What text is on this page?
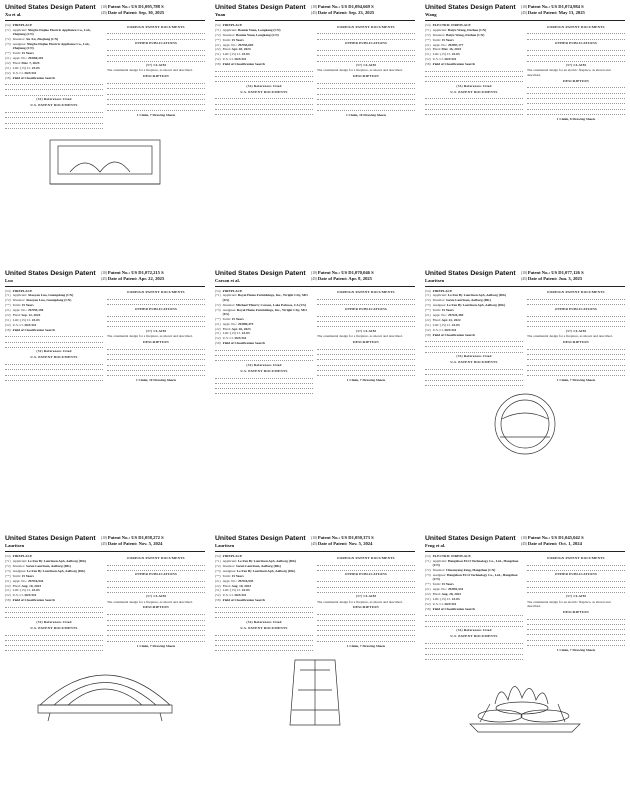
United States Design Patent
Xu et al.
(10) Patent No.: US D1,095,788 S
(45) Date of Patent: Sep. 30, 2025
(54) FIREPLACE
(71) Applicant: Ningbo Dujiao Electric Appliance Co., Ltd., Zhejiang (CN)
(72) Inventor: Xu Xu, Zhejiang (CN)
(73) Assignee: Ningbo Dujiao Electric Appliance Co., Ltd., Zhejiang (CN)
(**) Term: 15 Years
(21) Appl. No.: 29/660,201
(22) Filed: Mar. 7, 2025
(51) LOC (15) Cl. 23-03
(52) U.S. Cl. D23/341
(58) Field of Classification Search
(56) References Cited
U.S. PATENT DOCUMENTS
FOREIGN PATENT DOCUMENTS
OTHER PUBLICATIONS
(57) CLAIM
The ornamental design for a fireplace, as shown and described.
DESCRIPTION
1 Claim, 7 Drawing Sheets
United States Design Patent
Yuan
(10) Patent No.: US D1,094,669 S
(45) Date of Patent: Sep. 23, 2025
(54) FIREPLACE
(71) Applicant: Bonnie Yuan, Longkeng (CN)
(72) Inventor: Bonnie Yuan, Longkeng (CN)
(**) Term: 15 Years
(21) Appl. No.: 29/955,605
(22) Filed: Apr. 28, 2024
(51) LOC (15) Cl. 23-03
(52) U.S. Cl. D23/341
(58) Field of Classification Search
(56) References Cited
U.S. PATENT DOCUMENTS
FOREIGN PATENT DOCUMENTS
OTHER PUBLICATIONS
(57) CLAIM
The ornamental design for a fireplace, as shown and described.
DESCRIPTION
1 Claim, 10 Drawing Sheets
United States Design Patent
Wang
(10) Patent No.: US D1,074,984 S
(45) Date of Patent: May 13, 2025
(54) ELECTRIC FIREPLACE
(71) Applicant: Baiyu Wang, Fuzhou (CN)
(72) Inventor: Baiyu Wang, Fuzhou (CN)
(**) Term: 15 Years
(21) Appl. No.: 29/887,177
(22) Filed: Mar. 16, 2023
(51) LOC (15) Cl. 23-03
(52) U.S. Cl. D23/341
(58) Field of Classification Search
(56) References Cited
U.S. PATENT DOCUMENTS
FOREIGN PATENT DOCUMENTS
OTHER PUBLICATIONS
(57) CLAIM
The ornamental design for an electric fireplace, as shown and described.
DESCRIPTION
1 Claim, 8 Drawing Sheets
United States Design Patent
Luo
(10) Patent No.: US D1,072,215 S
(45) Date of Patent: Apr. 22, 2025
(54) FIREPLACE
(71) Applicant: Xiaoyan Luo, Guangdong (CN)
(72) Inventor: Xiaoyan Luo, Guangdong (CN)
(**) Term: 15 Years
(21) Appl. No.: 29/955,190
(22) Filed: Sep. 12, 2024
(51) LOC (15) Cl. 23-03
(52) U.S. Cl. D23/341
(58) Field of Classification Search
(56) References Cited
U.S. PATENT DOCUMENTS
FOREIGN PATENT DOCUMENTS
OTHER PUBLICATIONS
(57) CLAIM
The ornamental design for a fireplace, as shown and described.
DESCRIPTION
1 Claim, 10 Drawing Sheets
United States Design Patent
Carson et al.
(10) Patent No.: US D1,070,046 S
(45) Date of Patent: Apr. 8, 2025
(54) FIREPLACE
(71) Applicant: Royal Home Furnishings, Inc., Wright City, MO (US)
(72) Inventor: Michael Thierry Carson, Lake Palvosa, CA (US)
(73) Assignee: Royal Home Furnishings, Inc., Wright City, MO (US)
(**) Term: 15 Years
(21) Appl. No.: 29/889,475
(22) Filed: Apr. 26, 2023
(51) LOC (15) Cl. 23-03
(52) U.S. Cl. D23/341
(58) Field of Classification Search
(56) References Cited
U.S. PATENT DOCUMENTS
FOREIGN PATENT DOCUMENTS
OTHER PUBLICATIONS
(57) CLAIM
The ornamental design for a fireplace, as shown and described.
DESCRIPTION
1 Claim, 7 Drawing Sheets
United States Design Patent
Lauritsen
(10) Patent No.: US D1,077,126 S
(45) Date of Patent: Jun. 3, 2025
(54) FIREPLACE
(71) Applicant: Le Feu By Lauritsen ApS, Aalborg (DK)
(72) Inventor: Soren Lauritsen, Aalborg (DK)
(73) Assignee: Le Feu By Lauritsen ApS, Aalborg (DK)
(**) Term: 15 Years
(21) Appl. No.: 29/924,369
(22) Filed: Apr. 22, 2022
(51) LOC (15) Cl. 23-03
(52) U.S. Cl. D23/341
(58) Field of Classification Search
(56) References Cited
U.S. PATENT DOCUMENTS
FOREIGN PATENT DOCUMENTS
OTHER PUBLICATIONS
(57) CLAIM
The ornamental design for a fireplace, as shown and described.
DESCRIPTION
1 Claim, 7 Drawing Sheets
United States Design Patent
Lauritsen
(10) Patent No.: US D1,058,272 S
(45) Date of Patent: Nov. 5, 2024
(54) FIREPLACE
(71) Applicant: Le Feu By Lauritsen ApS, Aalborg (DK)
(72) Inventor: Soren Lauritsen, Aalborg (DK)
(73) Assignee: Le Feu By Lauritsen ApS, Aalborg (DK)
(**) Term: 15 Years
(21) Appl. No.: 29/916,944
(22) Filed: Aug. 10, 2023
(51) LOC (15) Cl. 23-03
(52) U.S. Cl. D23/341
(58) Field of Classification Search
(56) References Cited
U.S. PATENT DOCUMENTS
FOREIGN PATENT DOCUMENTS
OTHER PUBLICATIONS
(57) CLAIM
The ornamental design for a fireplace, as shown and described.
DESCRIPTION
1 Claim, 7 Drawing Sheets
United States Design Patent
Lauritsen
(10) Patent No.: US D1,050,373 S
(45) Date of Patent: Nov. 5, 2024
(54) FIREPLACE
(71) Applicant: Le Feu By Lauritsen ApS, Aalborg (DK)
(72) Inventor: Soren Lauritsen, Aalborg (DK)
(73) Assignee: Le Feu By Lauritsen ApS, Aalborg (DK)
(**) Term: 15 Years
(21) Appl. No.: 29/916,945
(22) Filed: Aug. 10, 2023
(51) LOC (15) Cl. 23-03
(52) U.S. Cl. D23/341
(58) Field of Classification Search
(56) References Cited
U.S. PATENT DOCUMENTS
FOREIGN PATENT DOCUMENTS
OTHER PUBLICATIONS
(57) CLAIM
The ornamental design for a fireplace, as shown and described.
DESCRIPTION
1 Claim, 7 Drawing Sheets
United States Design Patent
Feng et al.
(10) Patent No.: US D1,045,042 S
(45) Date of Patent: Oct. 1, 2024
(54) ELECTRIC FIREPLACE
(71) Applicant: Hangzhou ECO Technology Co., Ltd., Hangzhou (CN)
(72) Inventor: Chuanyang Feng, Hangzhou (CN)
(73) Assignee: Hangzhou ECO Technology Co., Ltd., Hangzhou (CN)
(**) Term: 15 Years
(21) Appl. No.: 29/881,541
(22) Filed: Aug. 28, 2022
(51) LOC (15) Cl. 23-03
(52) U.S. Cl. D23/341
(58) Field of Classification Search
(56) References Cited
U.S. PATENT DOCUMENTS
FOREIGN PATENT DOCUMENTS
OTHER PUBLICATIONS
(57) CLAIM
The ornamental design for an electric fireplace, as shown and described.
DESCRIPTION
1 Claim, 7 Drawing Sheets
